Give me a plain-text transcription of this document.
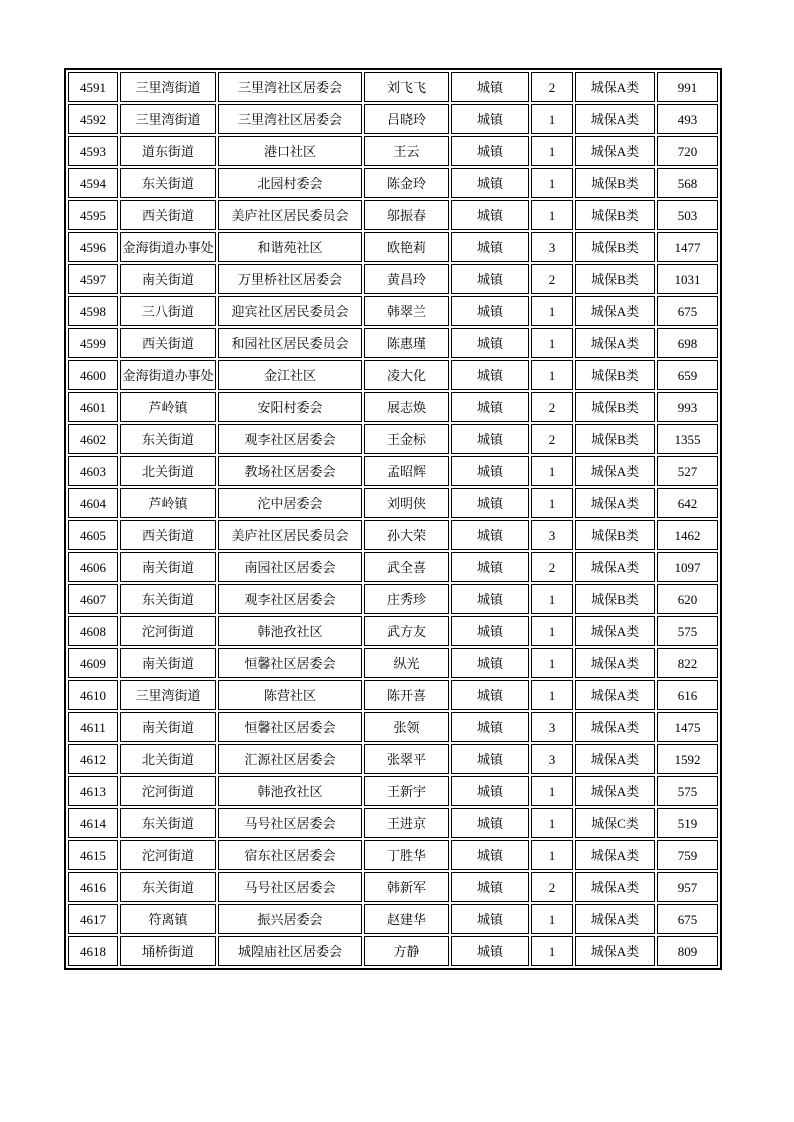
4591	三里湾街道	三里湾社区居委会	刘飞飞	城镇	2	城保A类	991
4592	三里湾街道	三里湾社区居委会	吕晓玲	城镇	1	城保A类	493
4593	道东街道	港口社区	王云	城镇	1	城保A类	720
4594	东关街道	北园村委会	陈金玲	城镇	1	城保B类	568
4595	西关街道	美庐社区居民委员会	邬振春	城镇	1	城保B类	503
4596	金海街道办事处	和谐苑社区	欧艳莉	城镇	3	城保B类	1477
4597	南关街道	万里桥社区居委会	黄昌玲	城镇	2	城保B类	1031
4598	三八街道	迎宾社区居民委员会	韩翠兰	城镇	1	城保A类	675
4599	西关街道	和园社区居民委员会	陈惠瑾	城镇	1	城保A类	698
4600	金海街道办事处	金江社区	凌大化	城镇	1	城保B类	659
4601	芦岭镇	安阳村委会	展志焕	城镇	2	城保B类	993
4602	东关街道	观李社区居委会	王金标	城镇	2	城保B类	1355
4603	北关街道	教场社区居委会	孟昭辉	城镇	1	城保A类	527
4604	芦岭镇	沱中居委会	刘明侠	城镇	1	城保A类	642
4605	西关街道	美庐社区居民委员会	孙大荣	城镇	3	城保B类	1462
4606	南关街道	南园社区居委会	武全喜	城镇	2	城保A类	1097
4607	东关街道	观李社区居委会	庄秀珍	城镇	1	城保B类	620
4608	沱河街道	韩池孜社区	武方友	城镇	1	城保A类	575
4609	南关街道	恒馨社区居委会	纵光	城镇	1	城保A类	822
4610	三里湾街道	陈营社区	陈开喜	城镇	1	城保A类	616
4611	南关街道	恒馨社区居委会	张领	城镇	3	城保A类	1475
4612	北关街道	汇源社区居委会	张翠平	城镇	3	城保A类	1592
4613	沱河街道	韩池孜社区	王新宇	城镇	1	城保A类	575
4614	东关街道	马号社区居委会	王进京	城镇	1	城保C类	519
4615	沱河街道	宿东社区居委会	丁胜华	城镇	1	城保A类	759
4616	东关街道	马号社区居委会	韩新军	城镇	2	城保A类	957
4617	符离镇	振兴居委会	赵建华	城镇	1	城保A类	675
4618	埇桥街道	城隍庙社区居委会	方静	城镇	1	城保A类	809
